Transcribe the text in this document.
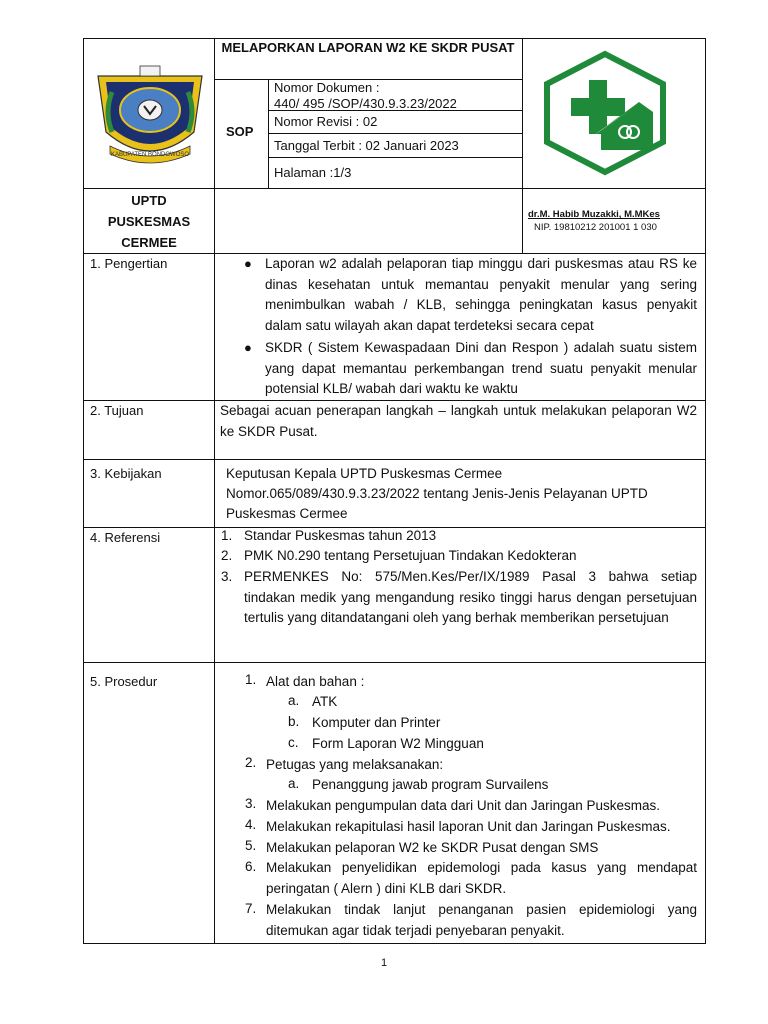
KABUPATEN BONDOWOSO
MELAPORKAN LAPORAN W2 KE SKDR PUSAT
SOP
Nomor Dokumen :
440/ 495 /SOP/430.9.3.23/2022
Nomor Revisi : 02
Tanggal Terbit : 02 Januari 2023
Halaman :1/3
UPTD
PUSKESMAS
CERMEE
dr.M. Habib Muzakki, M.MKes
NIP. 19810212 201001 1 030
1. Pengertian	● Laporan w2 adalah pelaporan tiap minggu dari puskesmas atau RS ke dinas kesehatan untuk memantau penyakit menular yang sering menimbulkan wabah / KLB, sehingga peningkatan kasus penyakit dalam satu wilayah akan dapat terdeteksi secara cepat
● SKDR ( Sistem Kewaspadaan Dini dan Respon ) adalah suatu sistem yang dapat memantau perkembangan trend suatu penyakit menular potensial KLB/ wabah dari waktu ke waktu
2. Tujuan	Sebagai acuan penerapan langkah – langkah untuk melakukan pelaporan W2 ke SKDR Pusat.
3. Kebijakan	Keputusan Kepala UPTD Puskesmas Cermee
Nomor.065/089/430.9.3.23/2022 tentang Jenis-Jenis Pelayanan UPTD
Puskesmas Cermee
4. Referensi	1. Standar Puskesmas tahun 2013
2. PMK N0.290 tentang Persetujuan Tindakan Kedokteran
3. PERMENKES No: 575/Men.Kes/Per/IX/1989 Pasal 3 bahwa setiap tindakan medik yang mengandung resiko tinggi harus dengan persetujuan tertulis yang ditandatangani oleh yang berhak memberikan persetujuan
5. Prosedur	1. Alat dan bahan :
a. ATK
b. Komputer dan Printer
c. Form Laporan W2 Mingguan
2. Petugas yang melaksanakan:
a. Penanggung jawab program Survailens
3. Melakukan pengumpulan data dari Unit dan Jaringan Puskesmas.
4. Melakukan rekapitulasi hasil laporan Unit dan Jaringan Puskesmas.
5. Melakukan pelaporan W2 ke SKDR Pusat dengan SMS
6. Melakukan penyelidikan epidemologi pada kasus yang mendapat peringatan ( Alern ) dini KLB dari SKDR.
7. Melakukan tindak lanjut penanganan pasien epidemiologi yang ditemukan agar tidak terjadi penyebaran penyakit.
1
